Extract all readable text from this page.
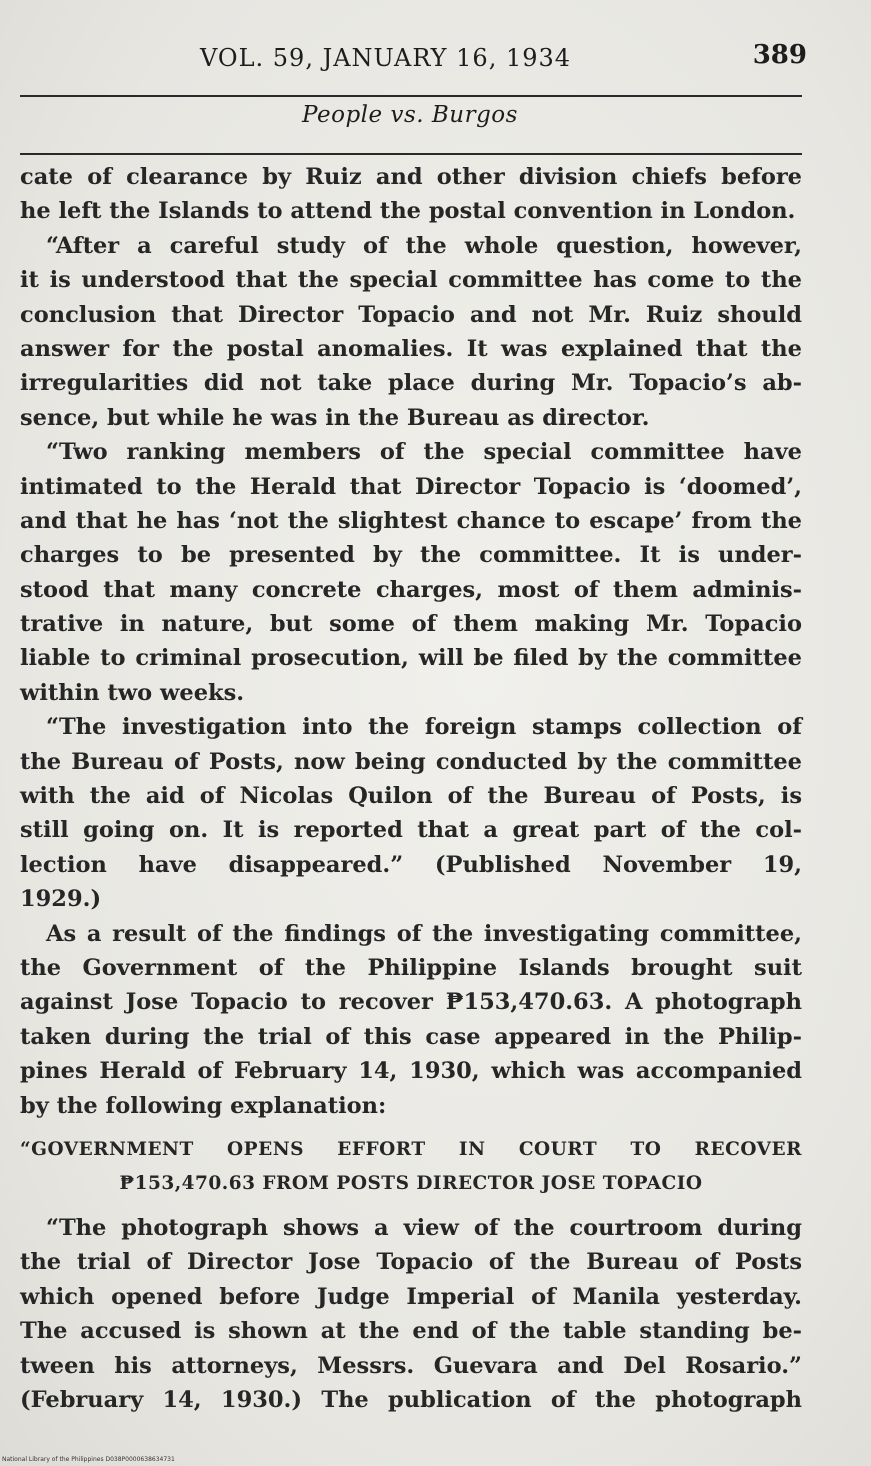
VOL. 59, JANUARY 16, 1934	389
People vs. Burgos
cate of clearance by Ruiz and other division chiefs before
he left the Islands to attend the postal convention in London.
“After a careful study of the whole question, however,
it is understood that the special committee has come to the
conclusion that Director Topacio and not Mr. Ruiz should
answer for the postal anomalies. It was explained that the
irregularities did not take place during Mr. Topacio’s ab-
sence, but while he was in the Bureau as director.
“Two ranking members of the special committee have
intimated to the Herald that Director Topacio is ‘doomed’,
and that he has ‘not the slightest chance to escape’ from the
charges to be presented by the committee. It is under-
stood that many concrete charges, most of them adminis-
trative in nature, but some of them making Mr. Topacio
liable to criminal prosecution, will be filed by the committee
within two weeks.
“The investigation into the foreign stamps collection of
the Bureau of Posts, now being conducted by the committee
with the aid of Nicolas Quilon of the Bureau of Posts, is
still going on. It is reported that a great part of the col-
lection have disappeared.” (Published November 19,
1929.)
As a result of the findings of the investigating committee,
the Government of the Philippine Islands brought suit
against Jose Topacio to recover ₱153,470.63. A photograph
taken during the trial of this case appeared in the Philip-
pines Herald of February 14, 1930, which was accompanied
by the following explanation:
“GOVERNMENT OPENS EFFORT IN COURT TO RECOVER
₱153,470.63 FROM POSTS DIRECTOR JOSE TOPACIO
“The photograph shows a view of the courtroom during
the trial of Director Jose Topacio of the Bureau of Posts
which opened before Judge Imperial of Manila yesterday.
The accused is shown at the end of the table standing be-
tween his attorneys, Messrs. Guevara and Del Rosario.”
(February 14, 1930.) The publication of the photograph
National Library of the Philippines D038P0000638634731
